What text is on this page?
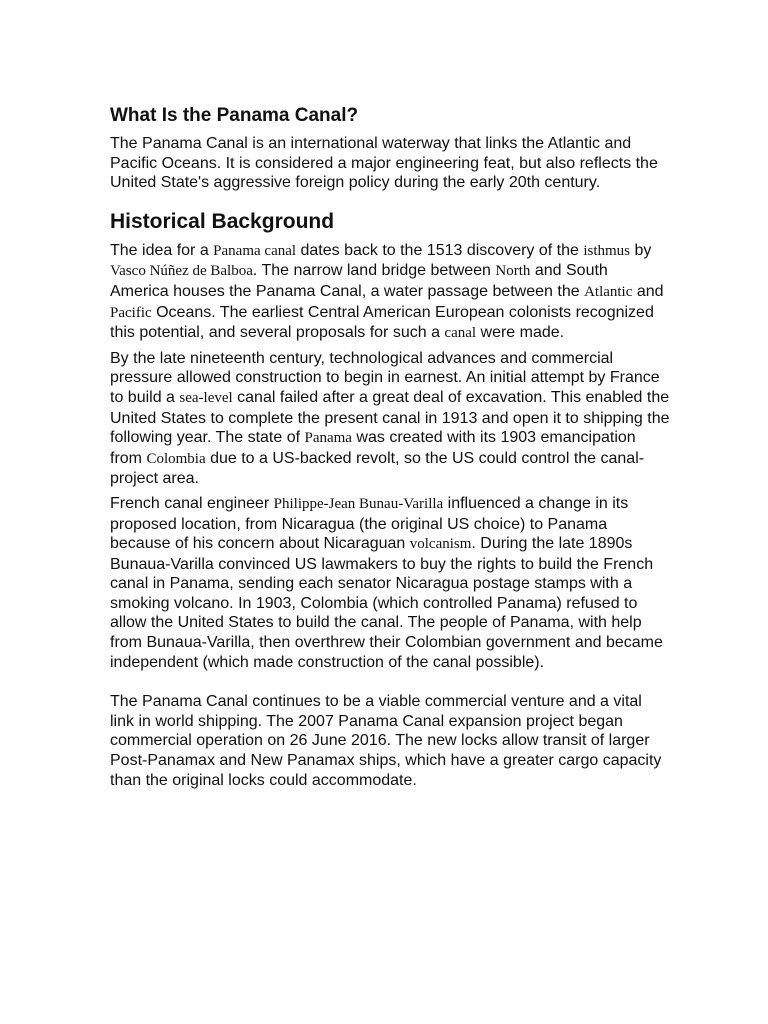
What Is the Panama Canal?

The Panama Canal is an international waterway that links the Atlantic and Pacific Oceans. It is considered a major engineering feat, but also reflects the United State's aggressive foreign policy during the early 20th century.

Historical Background

The idea for a Panama canal dates back to the 1513 discovery of the isthmus by Vasco Núñez de Balboa. The narrow land bridge between North and South America houses the Panama Canal, a water passage between the Atlantic and Pacific Oceans. The earliest Central American European colonists recognized this potential, and several proposals for such a canal were made.

By the late nineteenth century, technological advances and commercial pressure allowed construction to begin in earnest. An initial attempt by France to build a sea-level canal failed after a great deal of excavation. This enabled the United States to complete the present canal in 1913 and open it to shipping the following year. The state of Panama was created with its 1903 emancipation from Colombia due to a US-backed revolt, so the US could control the canal-project area.

French canal engineer Philippe-Jean Bunau-Varilla influenced a change in its proposed location, from Nicaragua (the original US choice) to Panama because of his concern about Nicaraguan volcanism. During the late 1890s Bunaua-Varilla convinced US lawmakers to buy the rights to build the French canal in Panama, sending each senator Nicaragua postage stamps with a smoking volcano. In 1903, Colombia (which controlled Panama) refused to allow the United States to build the canal. The people of Panama, with help from Bunaua-Varilla, then overthrew their Colombian government and became independent (which made construction of the canal possible).

The Panama Canal continues to be a viable commercial venture and a vital link in world shipping. The 2007 Panama Canal expansion project began commercial operation on 26 June 2016. The new locks allow transit of larger Post-Panamax and New Panamax ships, which have a greater cargo capacity than the original locks could accommodate.
